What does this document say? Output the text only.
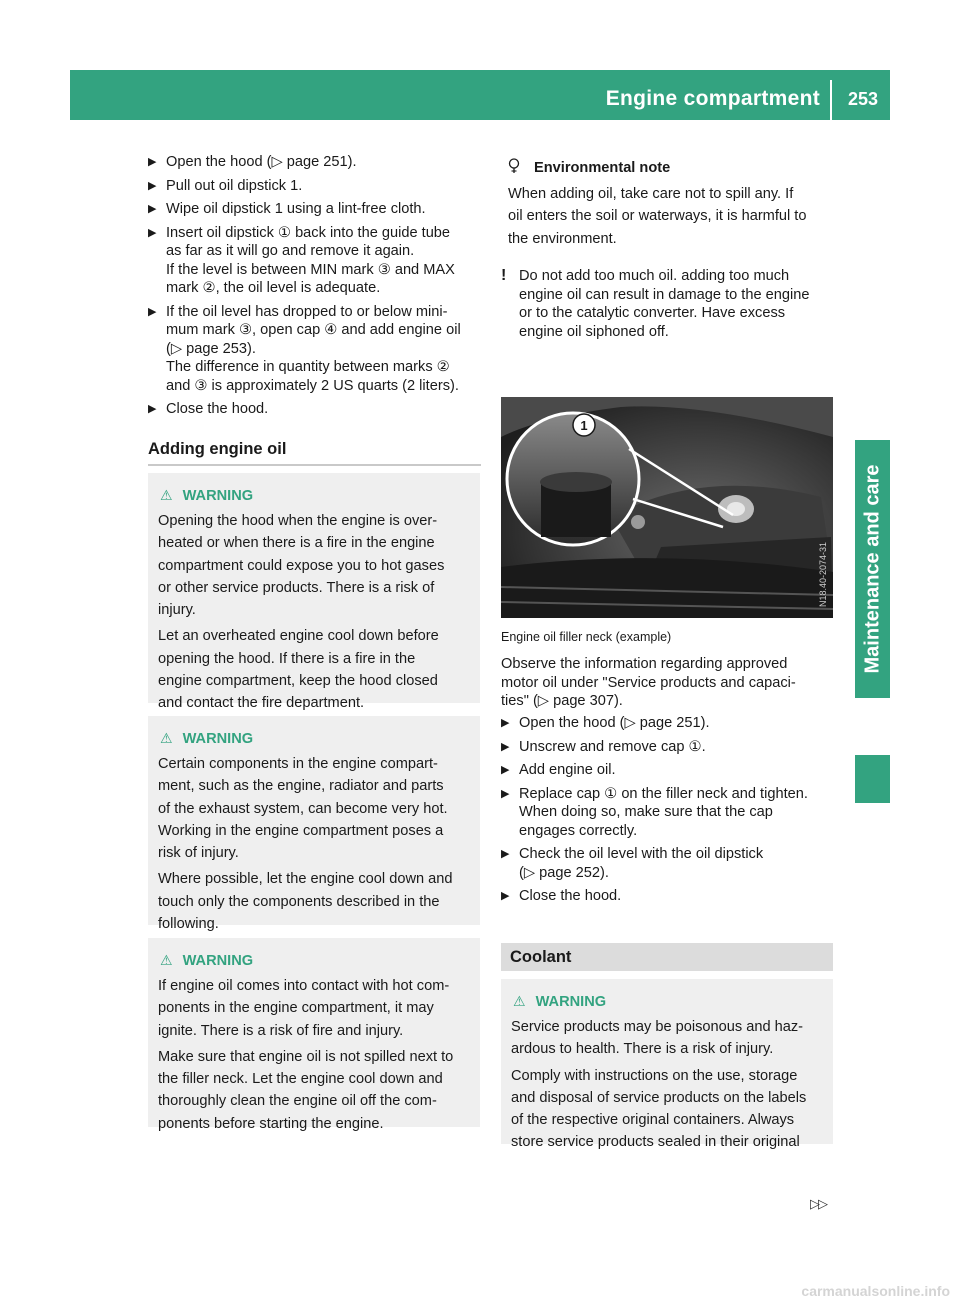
Engine compartment	253
Maintenance and care
▶ Open the hood (▷ page 251).
▶ Pull out oil dipstick 1.
▶ Wipe oil dipstick 1 using a lint-free cloth.
▶ Insert oil dipstick ① back into the guide tube
as far as it will go and remove it again.
If the level is between MIN mark ③ and MAX
mark ②, the oil level is adequate.
▶ If the oil level has dropped to or below mini-
mum mark ③, open cap ④ and add engine oil
(▷ page 253).
The difference in quantity between marks ②
and ③ is approximately 2 US quarts (2 liters).
▶ Close the hood.
Adding engine oil
⚠ WARNING

Opening the hood when the engine is over-
heated or when there is a fire in the engine
compartment could expose you to hot gases
or other service products. There is a risk of
injury.

Let an overheated engine cool down before
opening the hood. If there is a fire in the
engine compartment, keep the hood closed
and contact the fire department.

⚠ WARNING

Certain components in the engine compart-
ment, such as the engine, radiator and parts
of the exhaust system, can become very hot.
Working in the engine compartment poses a
risk of injury.

Where possible, let the engine cool down and
touch only the components described in the
following.

⚠ WARNING

If engine oil comes into contact with hot com-
ponents in the engine compartment, it may
ignite. There is a risk of fire and injury.

Make sure that engine oil is not spilled next to
the filler neck. Let the engine cool down and
thoroughly clean the engine oil off the com-
ponents before starting the engine.

Environmental note
When adding oil, take care not to spill any. If
oil enters the soil or waterways, it is harmful to
the environment.
! Do not add too much oil. adding too much
engine oil can result in damage to the engine
or to the catalytic converter. Have excess
engine oil siphoned off.
1
N18.40-2074-31
Engine oil filler neck (example)
Observe the information regarding approved
motor oil under "Service products and capaci-
ties" (▷ page 307).
▶ Open the hood (▷ page 251).
▶ Unscrew and remove cap ①.
▶ Add engine oil.
▶ Replace cap ① on the filler neck and tighten.
When doing so, make sure that the cap
engages correctly.
▶ Check the oil level with the oil dipstick
(▷ page 252).
▶ Close the hood.
Coolant
⚠ WARNING

Service products may be poisonous and haz-
ardous to health. There is a risk of injury.

Comply with instructions on the use, storage
and disposal of service products on the labels
of the respective original containers. Always
store service products sealed in their original

▷▷
carmanualsonline.info
